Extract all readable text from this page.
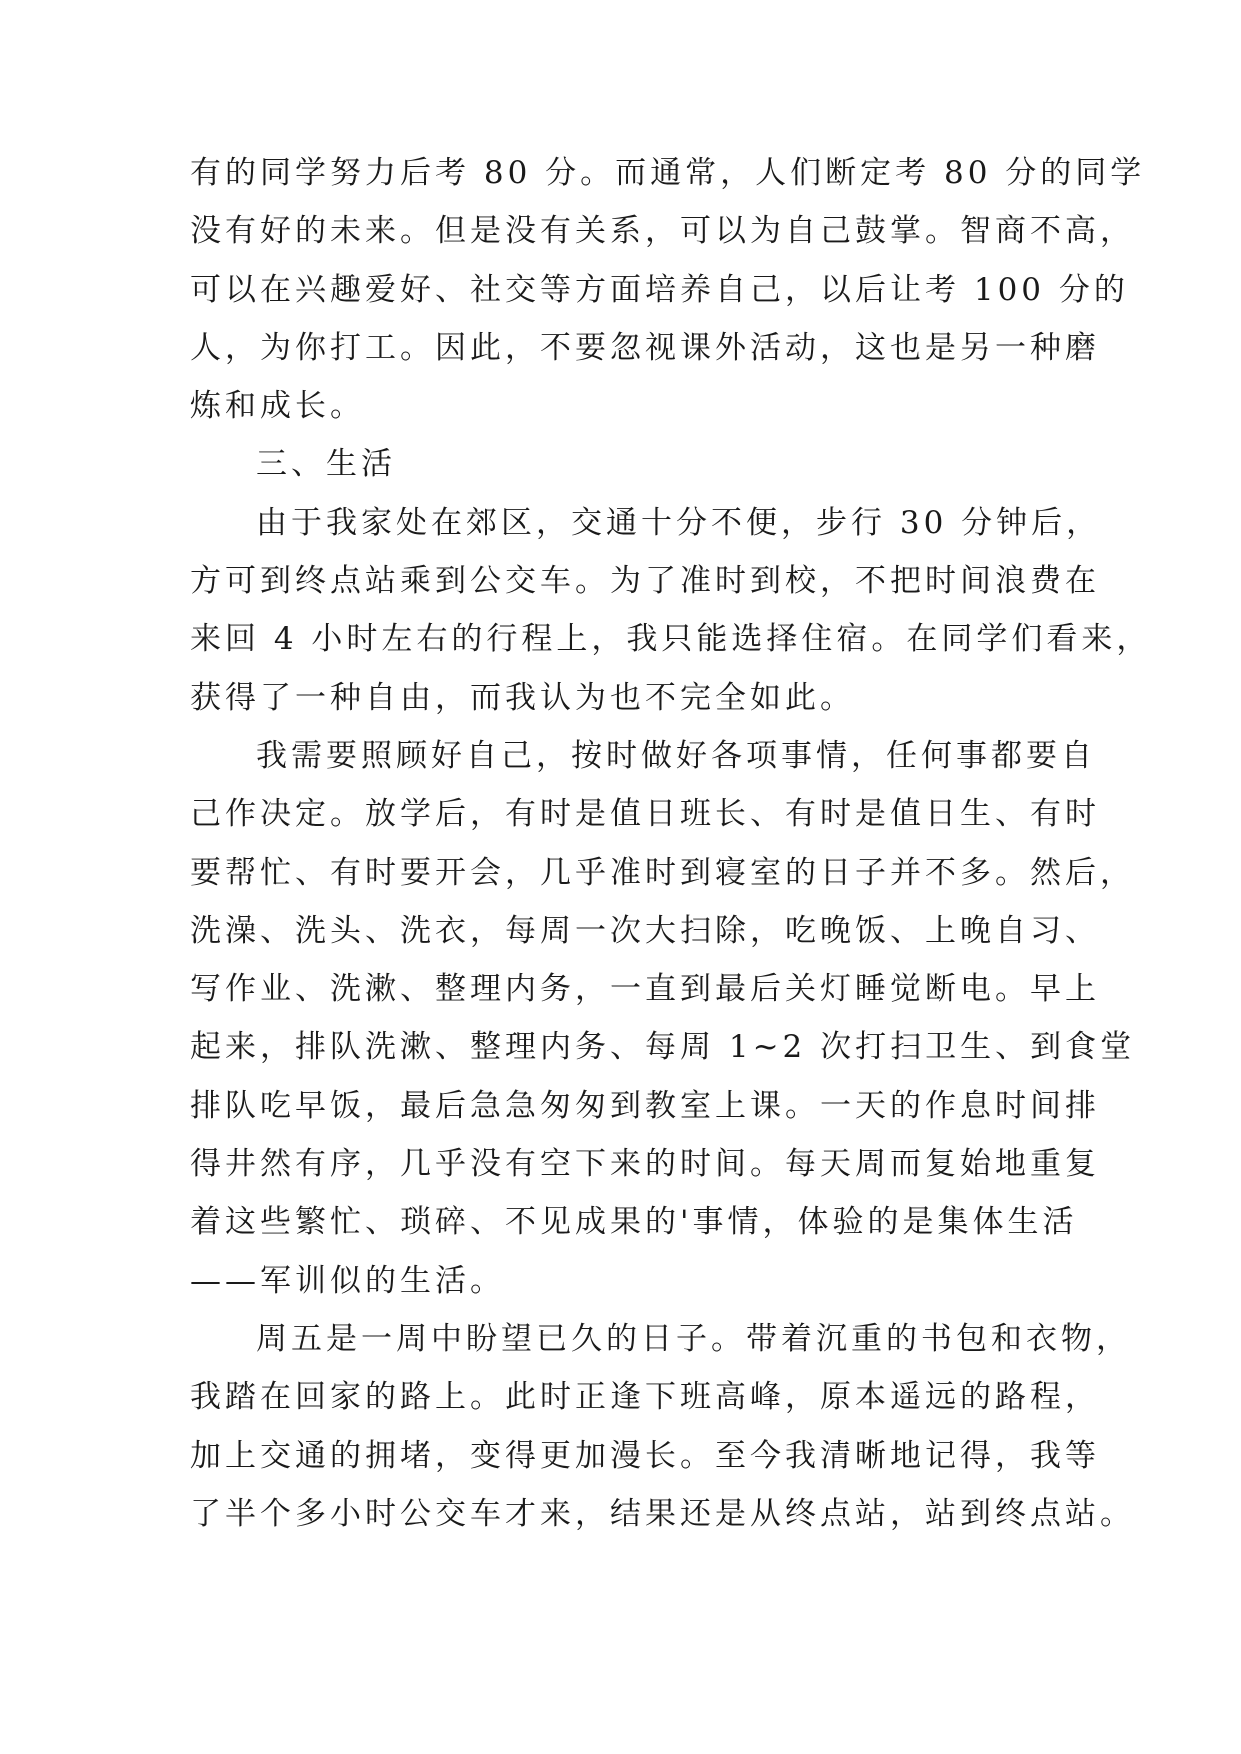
有的同学努力后考 80 分。而通常，人们断定考 80 分的同学
没有好的未来。但是没有关系，可以为自己鼓掌。智商不高，
可以在兴趣爱好、社交等方面培养自己，以后让考 100 分的
人，为你打工。因此，不要忽视课外活动，这也是另一种磨
炼和成长。
三、生活
由于我家处在郊区，交通十分不便，步行 30 分钟后，
方可到终点站乘到公交车。为了准时到校，不把时间浪费在
来回 4 小时左右的行程上，我只能选择住宿。在同学们看来，
获得了一种自由，而我认为也不完全如此。
我需要照顾好自己，按时做好各项事情，任何事都要自
己作决定。放学后，有时是值日班长、有时是值日生、有时
要帮忙、有时要开会，几乎准时到寝室的日子并不多。然后，
洗澡、洗头、洗衣，每周一次大扫除，吃晚饭、上晚自习、
写作业、洗漱、整理内务，一直到最后关灯睡觉断电。早上
起来，排队洗漱、整理内务、每周 1~2 次打扫卫生、到食堂
排队吃早饭，最后急急匆匆到教室上课。一天的作息时间排
得井然有序，几乎没有空下来的时间。每天周而复始地重复
着这些繁忙、琐碎、不见成果的'事情，体验的是集体生活
——军训似的生活。
周五是一周中盼望已久的日子。带着沉重的书包和衣物，
我踏在回家的路上。此时正逢下班高峰，原本遥远的路程，
加上交通的拥堵，变得更加漫长。至今我清晰地记得，我等
了半个多小时公交车才来，结果还是从终点站，站到终点站。
